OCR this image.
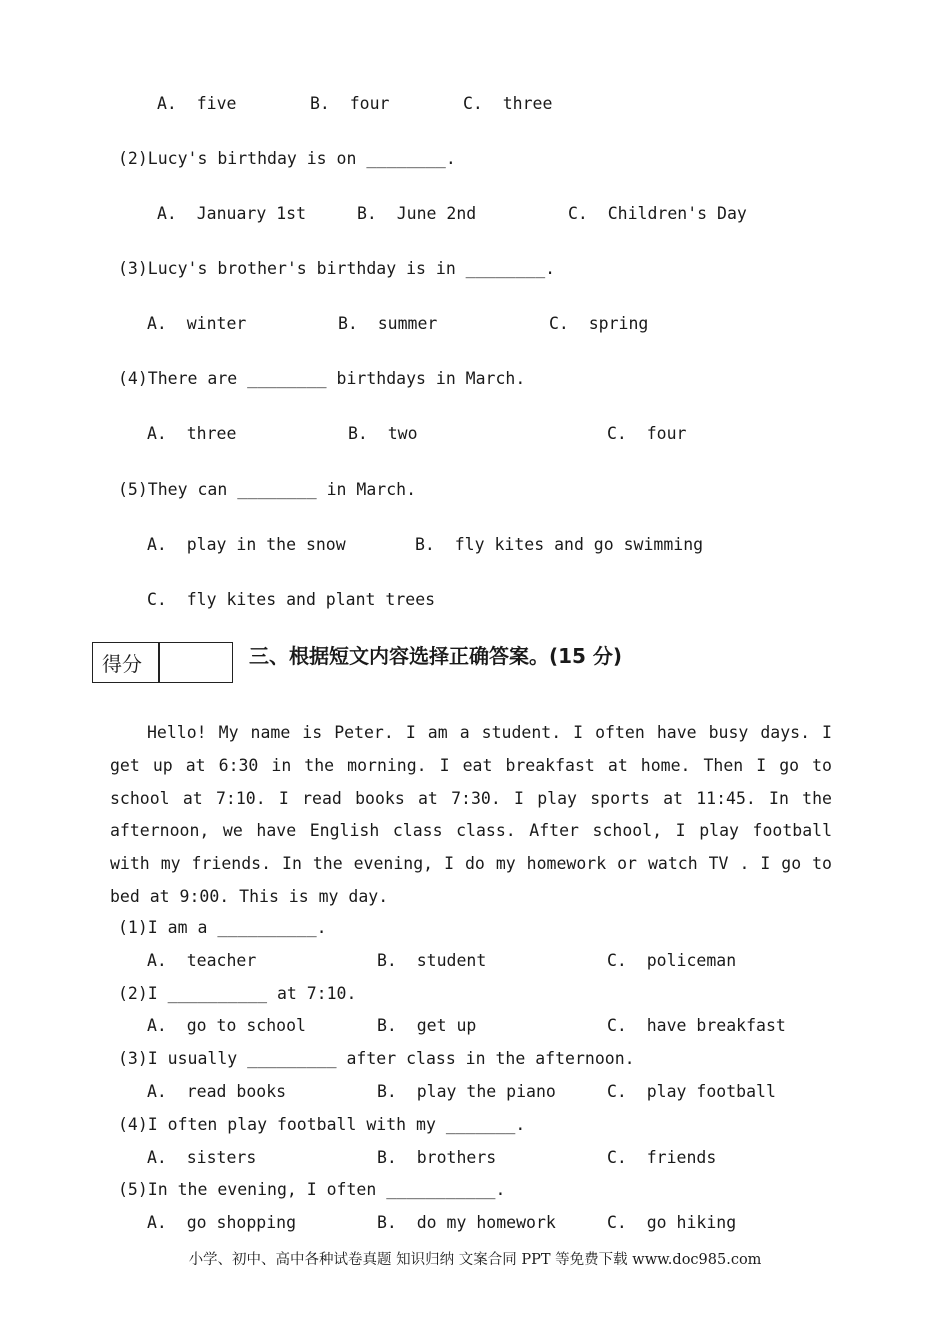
A.  five	B.  four	C.  three
(2)Lucy's birthday is on ________.
A.  January 1st	B.  June 2nd	C.  Children's Day
(3)Lucy's brother's birthday is in ________.
A.  winter	B.  summer	C.  spring
(4)There are ________ birthdays in March.
A.  three	B.  two	C.  four
(5)They can ________ in March.
A.  play in the snow	B.  fly kites and go swimming
C.  fly kites and plant trees
得分	三、根据短文内容选择正确答案。(15 分)

Hello! My name is Peter. I am a student. I often have busy days. I get up at 6:30 in the morning. I eat breakfast at home. Then I go to school at 7:10. I read books at 7:30. I play sports at 11:45. In the afternoon, we have English class class. After school, I play football with my friends. In the evening, I do my homework or watch TV . I go to bed at 9:00. This is my day.

(1)I am a __________.
A.  teacher	B.  student	C.  policeman
(2)I __________ at 7:10.
A.  go to school	B.  get up	C.  have breakfast
(3)I usually _________ after class in the afternoon.
A.  read books	B.  play the piano	C.  play football
(4)I often play football with my _______.
A.  sisters	B.  brothers	C.  friends
(5)In the evening, I often ___________.
A.  go shopping	B.  do my homework	C.  go hiking
小学、初中、高中各种试卷真题 知识归纳 文案合同 PPT 等免费下载 www.doc985.com
